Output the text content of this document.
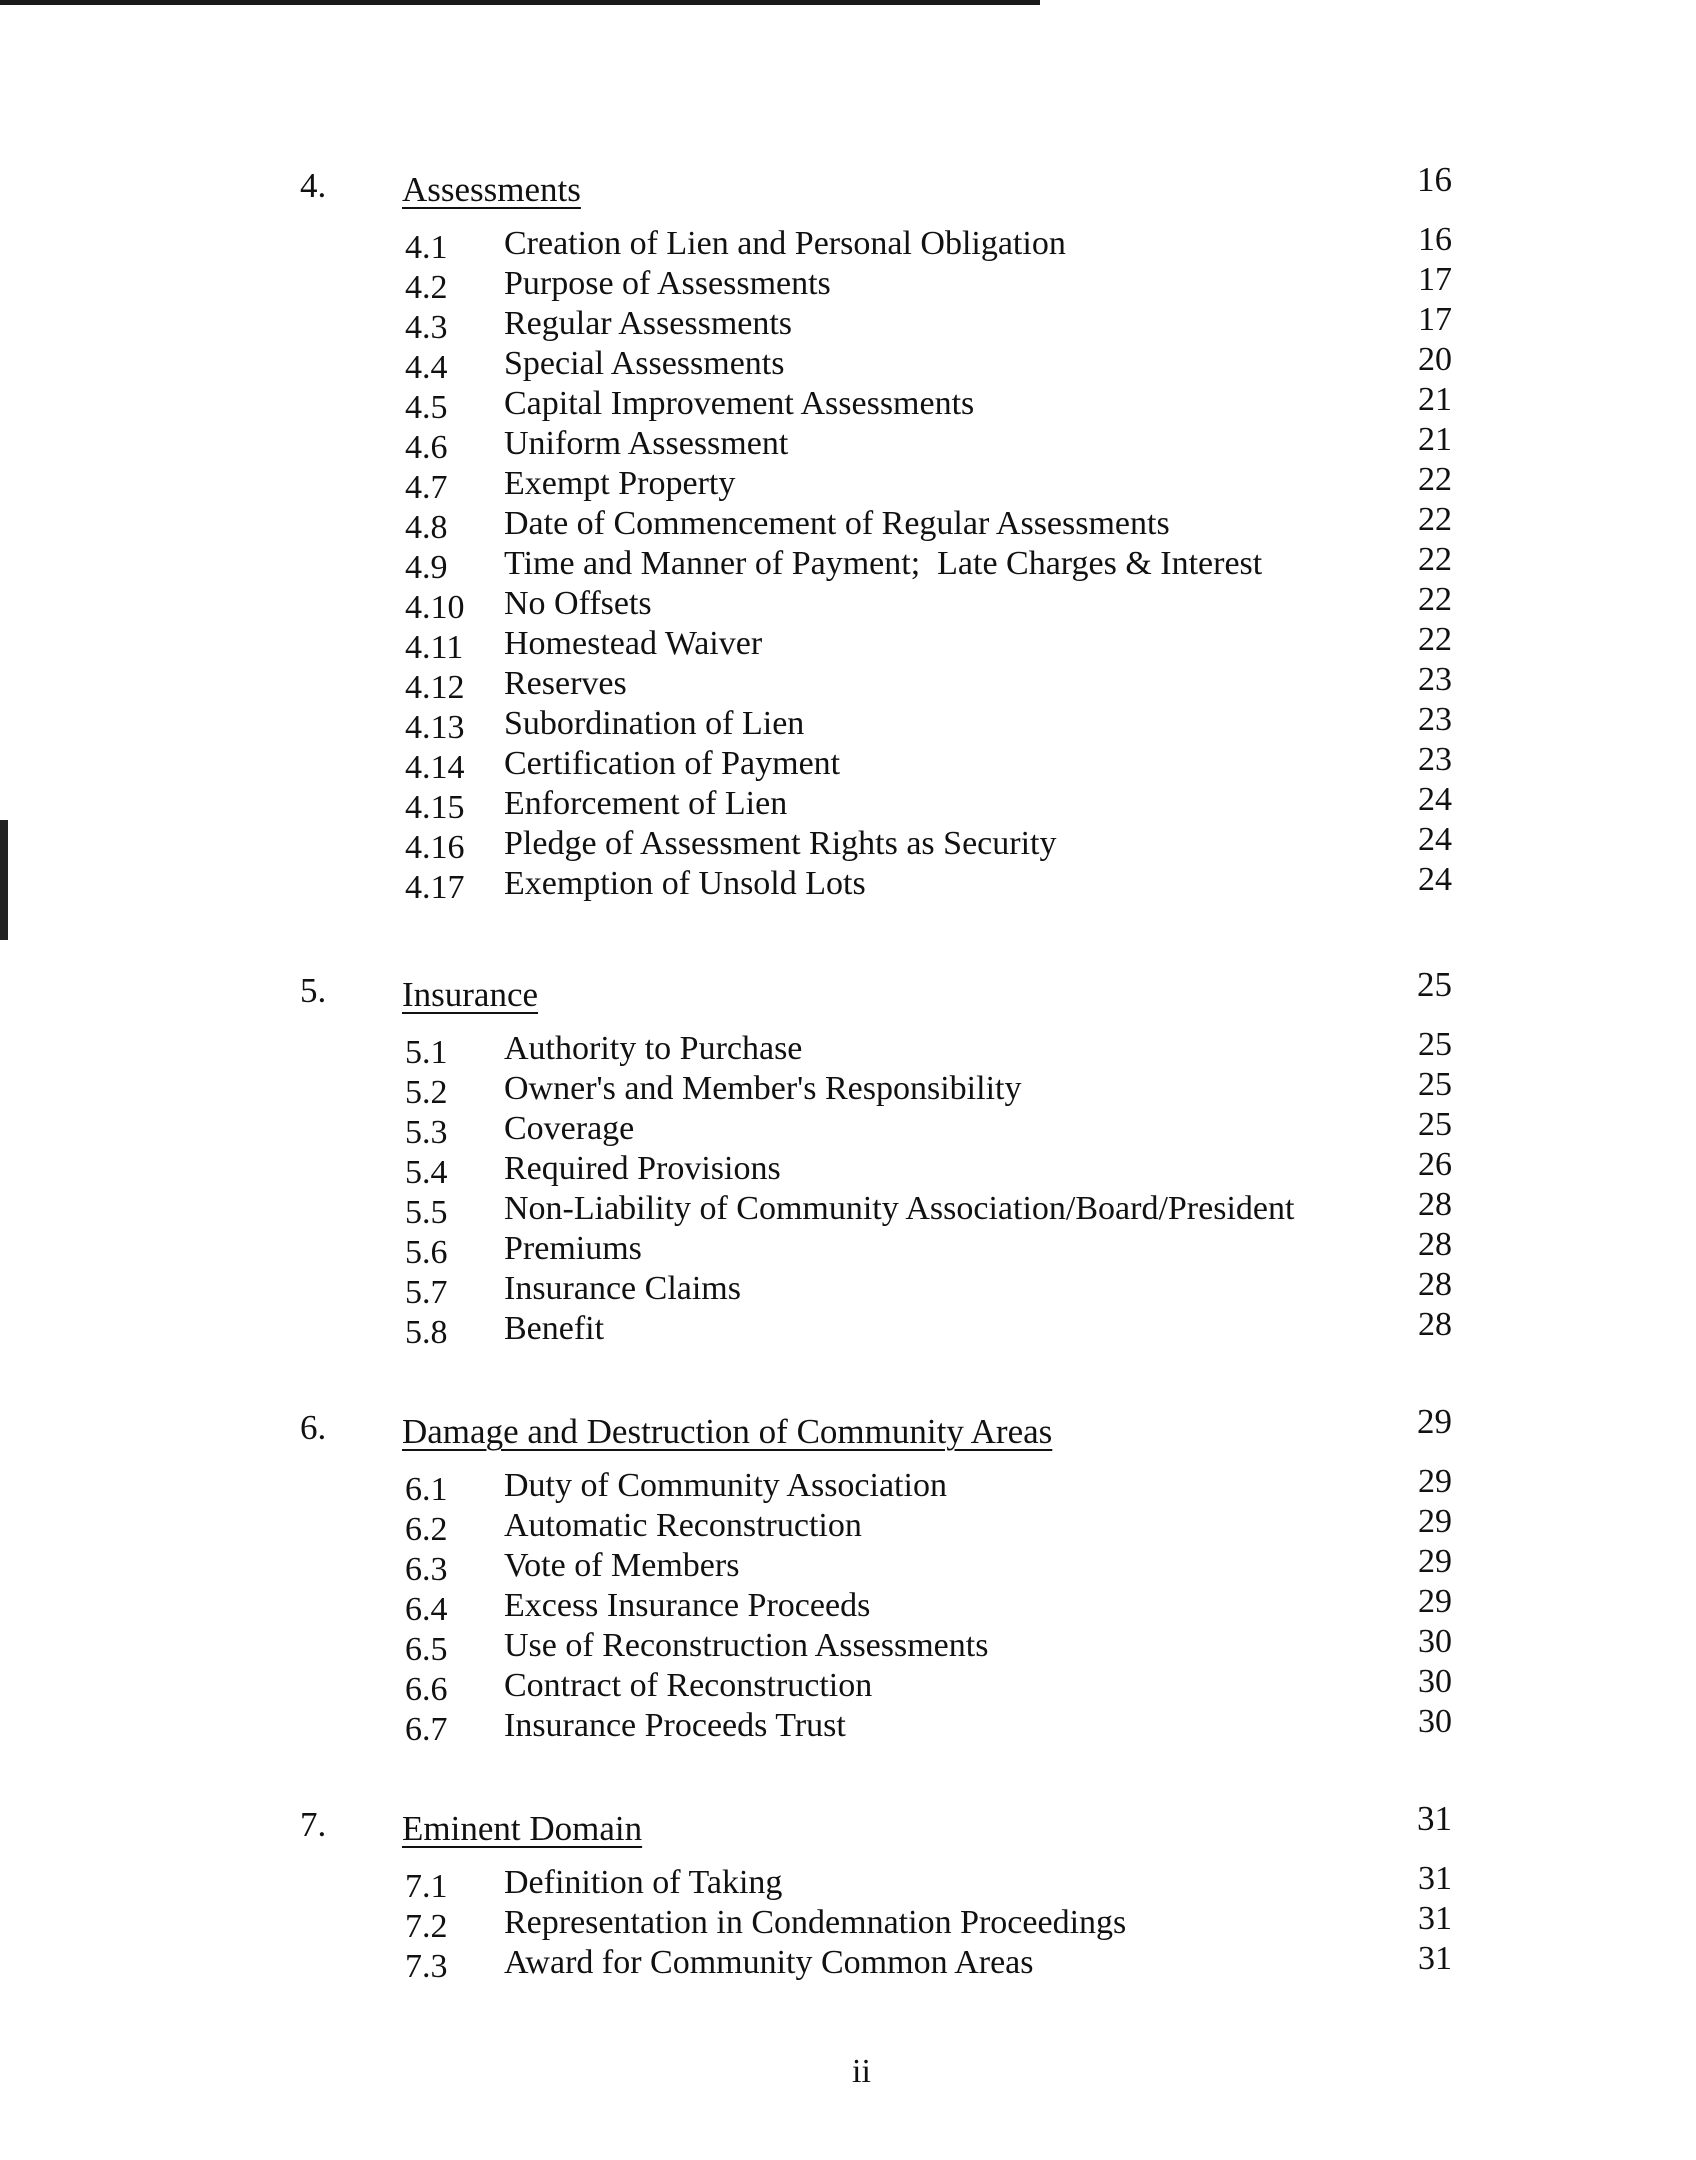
4. Assessments	16
4.1 Creation of Lien and Personal Obligation	16
4.2 Purpose of Assessments	17
4.3 Regular Assessments	17
4.4 Special Assessments	20
4.5 Capital Improvement Assessments	21
4.6 Uniform Assessment	21
4.7 Exempt Property	22
4.8 Date of Commencement of Regular Assessments	22
4.9 Time and Manner of Payment;  Late Charges & Interest	22
4.10 No Offsets	22
4.11 Homestead Waiver	22
4.12 Reserves	23
4.13 Subordination of Lien	23
4.14 Certification of Payment	23
4.15 Enforcement of Lien	24
4.16 Pledge of Assessment Rights as Security	24
4.17 Exemption of Unsold Lots	24
5. Insurance	25
5.1 Authority to Purchase	25
5.2 Owner's and Member's Responsibility	25
5.3 Coverage	25
5.4 Required Provisions	26
5.5 Non-Liability of Community Association/Board/President	28
5.6 Premiums	28
5.7 Insurance Claims	28
5.8 Benefit	28
6. Damage and Destruction of Community Areas	29
6.1 Duty of Community Association	29
6.2 Automatic Reconstruction	29
6.3 Vote of Members	29
6.4 Excess Insurance Proceeds	29
6.5 Use of Reconstruction Assessments	30
6.6 Contract of Reconstruction	30
6.7 Insurance Proceeds Trust	30
7. Eminent Domain	31
7.1 Definition of Taking	31
7.2 Representation in Condemnation Proceedings	31
7.3 Award for Community Common Areas	31
ii
